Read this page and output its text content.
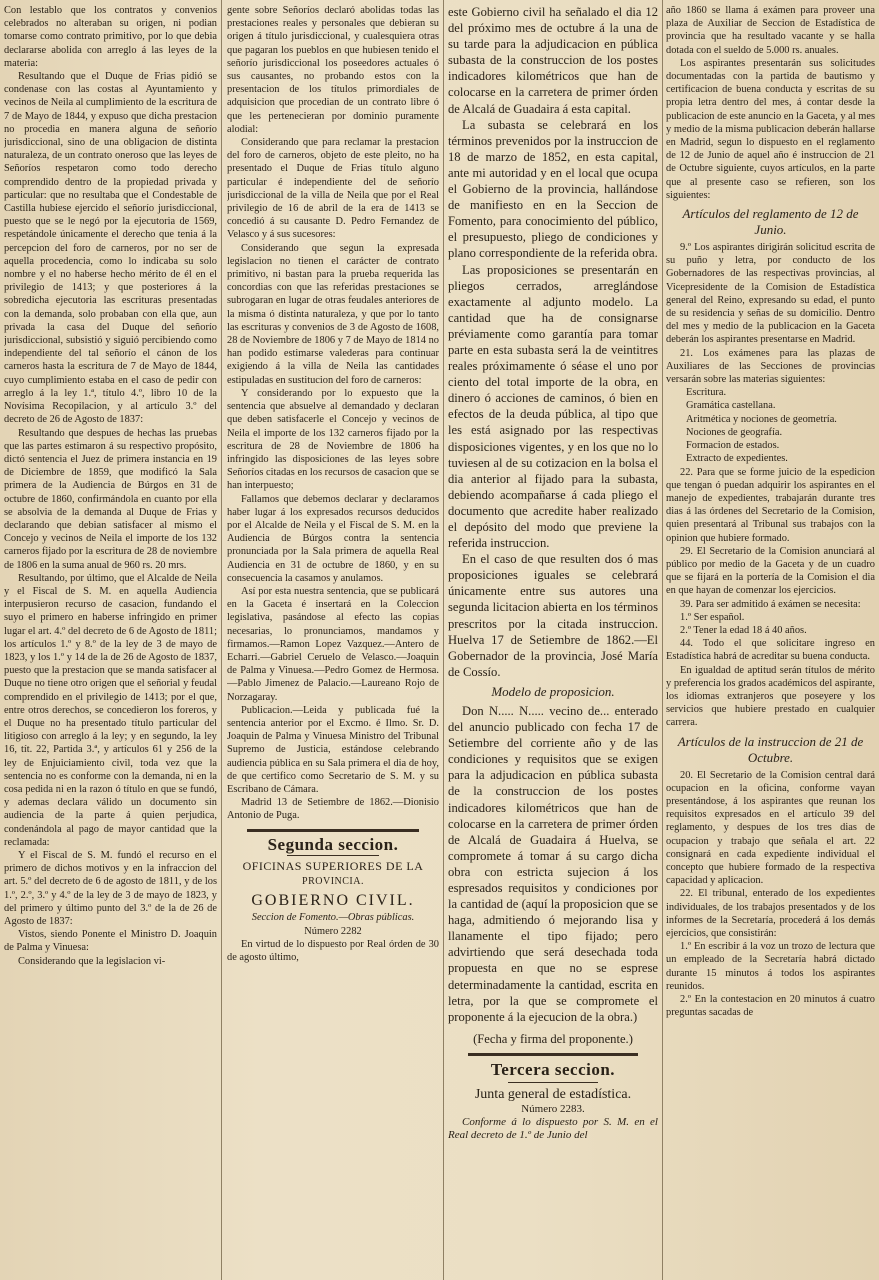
Con lestablo que los contratos y convenios celebrados no alteraban su origen, ni podian tomarse como contrato primitivo, por lo que debia declararse abolida con arreglo á las leyes de la materia:

Resultando que el Duque de Frias pidió se condenase con las costas al Ayuntamiento y vecinos de Neila al cumplimiento de la escritura de 7 de Mayo de 1844, y expuso que dicha prestacion no procedia en manera alguna de señorío jurisdiccional, sino de una obligacion de distinta naturaleza, de un contrato oneroso que las leyes de Señoríos respetaron como todo derecho comprendido dentro de la propiedad privada y particular: que no resultaba que el Condestable de Castilla hubiese ejercido el señorío jurisdiccional, puesto que se le negó por la ejecutoria de 1569, respetándole únicamente el derecho que tenia á la percepcion del foro de carneros, por no ser de aquella procedencia, como lo indicaba su solo nombre y el no haberse hecho mérito de él en el privilegio de 1413; y que posteriores á la sobredicha ejecutoria las escrituras presentadas con la demanda, solo probaban con ella que, aun privada la casa del Duque del señorío jurisdiccional, subsistió y siguió percibiendo como independiente del tal señorío el cánon de los carneros hasta la escritura de 7 de Mayo de 1844, cuyo cumplimiento estaba en el caso de pedir con arreglo á la ley 1.ª, título 4.º, libro 10 de la Novísima Recopilacion, y al artículo 3.º del decreto de 26 de Agosto de 1837:

Resultando que despues de hechas las pruebas que las partes estimaron á su respectivo propósito, dictó sentencia el Juez de primera instancia en 19 de Diciembre de 1859, que modificó la Sala primera de la Audiencia de Búrgos en 31 de octubre de 1860, confirmándola en cuanto por ella se absolvia de la demanda al Duque de Frias y declarando que debian satisfacer al mismo el Concejo y vecinos de Neila el importe de los 132 carneros fijado por la escritura de 28 de noviembre de 1806 en la suma anual de 960 rs. 20 mrs.

Resultando, por último, que el Alcalde de Neila y el Fiscal de S. M. en aquella Audiencia interpusieron recurso de casacion, fundando el suyo el primero en haberse infringido en primer lugar el art. 4.º del decreto de 6 de Agosto de 1811; los artículos 1.º y 8.º de la ley de 3 de mayo de 1823, y los 1.º y 14 de la de 26 de Agosto de 1837, puesto que la prestacion que se manda satisfacer al Duque no tiene otro origen que el señorial y feudal comprendido en el privilegio de 1413; por el que, entre otros derechos, se concedieron los foreros, y el Duque no ha presentado título particular del litigioso con arreglo á la ley; y en segundo, la ley 16, tít. 22, Partida 3.ª, y artículos 61 y 256 de la ley de Enjuiciamiento civil, toda vez que la sentencia no es conforme con la demanda, ni en la cosa pedida ni en la razon ó título en que se fundó, y ademas declara válido un documento sin audiencia de la parte á quien perjudica, condenándola al pago de mayor cantidad que la reclamada:

Y el Fiscal de S. M. fundó el recurso en el primero de dichos motivos y en la infraccion del art. 5.º del decreto de 6 de agosto de 1811, y de los 1.º, 2.º, 3.º y 4.º de la ley de 3 de mayo de 1823, y del primero y último punto del 3.º de la de 26 de Agosto de 1837:

Vistos, siendo Ponente el Ministro D. Joaquin de Palma y Vinuesa:

Considerando que la legislacion vi-

gente sobre Señoríos declaró abolidas todas las prestaciones reales y personales que debieran su origen á título jurisdiccional, y cualesquiera otras que pagaran los pueblos en que hubiesen tenido el señorío jurisdiccional los poseedores actuales ó sus causantes, no probando estos con la presentacion de los títulos primordiales de adquisicion que procedian de un contrato libre ó que les pertenecieran por dominio puramente alodial:

Considerando que para reclamar la prestacion del foro de carneros, objeto de este pleito, no ha presentado el Duque de Frias título alguno particular é independiente del de señorío jurisdiccional de la villa de Neila que por el Real privilegio de 16 de abril de la era de 1413 se concedió á su causante D. Pedro Fernandez de Velasco y á sus sucesores:

Considerando que segun la expresada legislacion no tienen el carácter de contrato primitivo, ni bastan para la prueba requerida las concordias con que las referidas prestaciones se subrogaran en lugar de otras feudales anteriores de la misma ó distinta naturaleza, y que por lo tanto las escrituras y convenios de 3 de Agosto de 1608, 28 de Noviembre de 1806 y 7 de Mayo de 1814 no han podido estimarse valederas para continuar exigiendo á la villa de Neila las cantidades estipuladas en sustitucion del foro de carneros:

Y considerando por lo expuesto que la sentencia que absuelve al demandado y declaran que deben satisfacerle el Concejo y vecinos de Neila el importe de los 132 carneros fijado por la escritura de 28 de Noviembre de 1806 ha infringido las disposiciones de las leyes sobre Señoríos citadas en los recursos de casacion que se han interpuesto;

Fallamos que debemos declarar y declaramos haber lugar á los expresados recursos deducidos por el Alcalde de Neila y el Fiscal de S. M. en la Audiencia de Búrgos contra la sentencia pronunciada por la Sala primera de aquella Real Audiencia en 31 de octubre de 1860, y en su consecuencia la casamos y anulamos.

Así por esta nuestra sentencia, que se publicará en la Gaceta é insertará en la Coleccion legislativa, pasándose al efecto las copias necesarias, lo pronunciamos, mandamos y firmamos.—Ramon Lopez Vazquez.—Antero de Echarri.—Gabriel Ceruelo de Velasco.—Joaquin de Palma y Vinuesa.—Pedro Gomez de Hermosa.—Pablo Jimenez de Palacio.—Laureano Rojo de Norzagaray.

Publicacion.—Leida y publicada fué la sentencia anterior por el Excmo. é Ilmo. Sr. D. Joaquin de Palma y Vinuesa Ministro del Tribunal Supremo de Justicia, estándose celebrando audiencia pública en su Sala primera el dia de hoy, de que certifico como Secretario de S. M. y su Escribano de Cámara.

Madrid 13 de Setiembre de 1862.—Dionisio Antonio de Puga.

Segunda seccion.

OFICINAS SUPERIORES DE LA

PROVINCIA.

GOBIERNO CIVIL.

Seccion de Fomento.—Obras públicas.

Número 2282

En virtud de lo dispuesto por Real órden de 30 de agosto último,

este Gobierno civil ha señalado el dia 12 del próximo mes de octubre á la una de su tarde para la adjudicacion en pública subasta de la construccion de los postes indicadores kilométricos que han de colocarse en la carretera de primer órden de Alcalá de Guadaira á esta capital.

La subasta se celebrará en los términos prevenidos por la instruccion de 18 de marzo de 1852, en esta capital, ante mi autoridad y en el local que ocupa el Gobierno de la provincia, hallándose de manifiesto en en la Seccion de Fomento, para conocimiento del público, el presupuesto, pliego de condiciones y plano correspondiente de la referida obra.

Las proposiciones se presentarán en pliegos cerrados, arreglándose exactamente al adjunto modelo. La cantidad que ha de consignarse préviamente como garantía para tomar parte en esta subasta será la de veintitres reales próximamente ó séase el uno por ciento del total importe de la obra, en dinero ó acciones de caminos, ó bien en efectos de la deuda pública, al tipo que les está asignado por las respectivas disposiciones vigentes, y en los que no lo tuviesen al de su cotizacion en la bolsa el dia anterior al fijado para la subasta, debiendo acompañarse á cada pliego el documento que acredite haber realizado el depósito del modo que previene la referida instruccion.

En el caso de que resulten dos ó mas proposiciones iguales se celebrará únicamente entre sus autores una segunda licitacion abierta en los términos prescritos por la citada instruccion. Huelva 17 de Setiembre de 1862.—El Gobernador de la provincia, José María de Cossío.

Modelo de proposicion.

Don N..... N..... vecino de... enterado del anuncio publicado con fecha 17 de Setiembre del corriente año y de las condiciones y requisitos que se exigen para la adjudicacion en pública subasta de la construccion de los postes indicadores kilométricos que han de colocarse en la carretera de primer órden de Alcalá de Guadaira á Huelva, se compromete á tomar á su cargo dicha obra con estricta sujecion á los espresados requisitos y condiciones por la cantidad de (aquí la proposicion que se haga, admitiendo ó mejorando lisa y llanamente el tipo fijado; pero advirtiendo que será desechada toda propuesta en que no se esprese determinadamente la cantidad, escrita en letra, por la que se compromete el proponente á la ejecucion de la obra.)

(Fecha y firma del proponente.)

Tercera seccion.

Junta general de estadística.

Número 2283.

Conforme á lo dispuesto por S. M. en el Real decreto de 1.º de Junio del

año 1860 se llama á exámen para proveer una plaza de Auxiliar de Seccion de Estadística de provincia que ha resultado vacante y se halla dotada con el sueldo de 5.000 rs. anuales.

Los aspirantes presentarán sus solicitudes documentadas con la partida de bautismo y certificacion de buena conducta y escritas de su propia letra dentro del mes, á contar desde la publicacion de este anuncio en la Gaceta, y al mes y medio de la misma publicacion deberán hallarse en Madrid, segun lo dispuesto en el reglamento de 12 de Junio de aquel año é instruccion de 21 de Octubre siguiente, cuyos artículos, en la parte que al presente caso se refieren, son los siguientes:

Artículos del reglamento de 12 de Junio.

9.º Los aspirantes dirigirán solicitud escrita de su puño y letra, por conducto de los Gobernadores de las respectivas provincias, al Vicepresidente de la Comision de Estadística general del Reino, expresando su edad, el punto de su residencia y señas de su domicilio. Dentro del mes y medio de la publicacion en la Gaceta deberán los aspirantes presentarse en Madrid.

21. Los exámenes para las plazas de Auxiliares de las Secciones de provincias versarán sobre las materias siguientes:

Escritura.

Gramática castellana.

Aritmética y nociones de geometría.

Nociones de geografía.

Formacion de estados.

Extracto de expedientes.

22. Para que se forme juicio de la espedicion que tengan ó puedan adquirir los aspirantes en el manejo de expedientes, trabajarán durante tres dias á las órdenes del Secretario de la Comision, quien presentará al Tribunal sus trabajos con la opinion que hubiere formado.

29. El Secretario de la Comision anunciará al público por medio de la Gaceta y de un cuadro que se fijará en la portería de la Comision el dia en que hayan de comenzar los ejercicios.

39. Para ser admitido á exámen se necesita:

1.º Ser español.

2.º Tener la edad 18 á 40 años.

44. Todo el que solicitare ingreso en Estadística habrá de acreditar su buena conducta.

En igualdad de aptitud serán títulos de mérito y preferencia los grados académicos del aspirante, los idiomas extranjeros que poseyere y los servicios que hubiere prestado en cualquier carrera.

Artículos de la instruccion de 21 de Octubre.

20. El Secretario de la Comision central dará ocupacion en la oficina, conforme vayan presentándose, á los aspirantes que reunan los requisitos expresados en el artículo 39 del reglamento, y despues de los tres dias de ocupacion y trabajo que señala el art. 22 consignará en cada expediente individual el concepto que hubiere formado de la respectiva capacidad y aplicacion.

22. El tribunal, enterado de los expedientes individuales, de los trabajos presentados y de los informes de la Secretaría, procederá á los demás ejercicios, que consistirán:

1.º En escribir á la voz un trozo de lectura que un empleado de la Secretaría habrá dictado durante 15 minutos á todos los aspirantes reunidos.

2.º En la contestacion en 20 minutos á cuatro preguntas sacadas de
